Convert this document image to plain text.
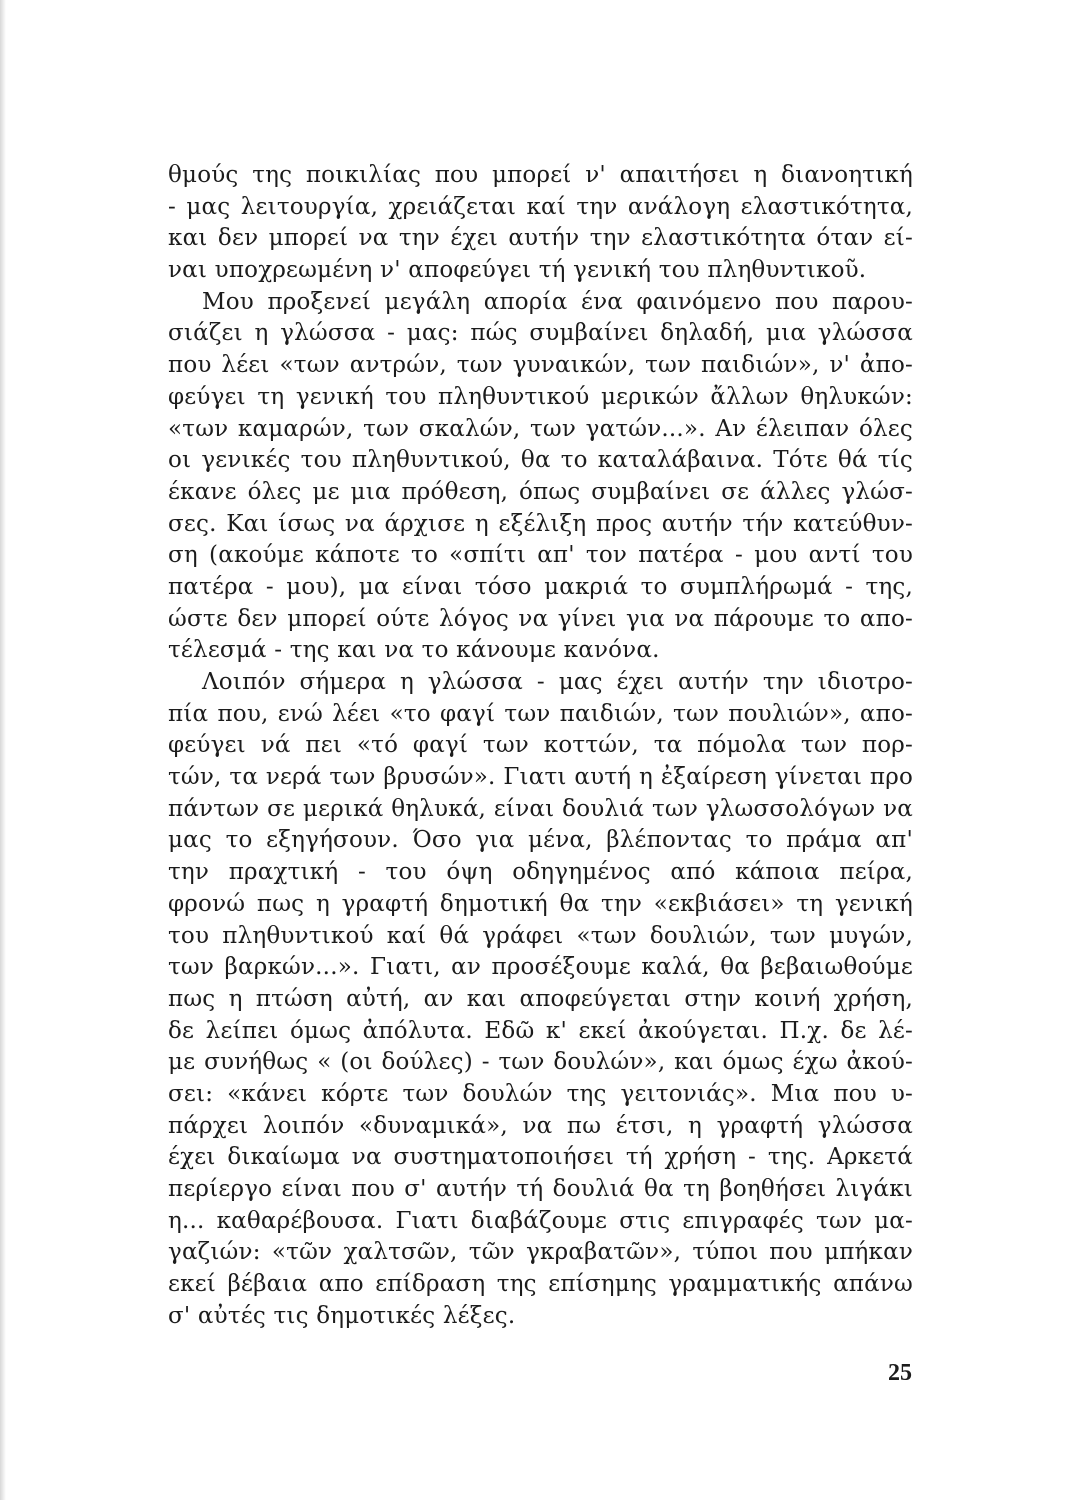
θμούς της ποικιλίας που μπορεί ν' απαιτήσει η διανοητική
- μας λειτουργία, χρειάζεται καί την ανάλογη ελαστικότητα,
και δεν μπορεί να την έχει αυτήν την ελαστικότητα όταν εί-
ναι υποχρεωμένη ν' αποφεύγει τή γενική του πληθυντικοῦ.
Μου προξενεί μεγάλη απορία ένα φαινόμενο που παρου-
σιάζει η γλώσσα - μας: πώς συμβαίνει δηλαδή, μια γλώσσα
που λέει «των αντρών, των γυναικών, των παιδιών», ν' ἀπο-
φεύγει τη γενική του πληθυντικού μερικών ἄλλων θηλυκών:
«των καμαρών, των σκαλών, των γατών...». Αν έλειπαν όλες
οι γενικές του πληθυντικού, θα το καταλάβαινα. Τότε θά τίς
έκανε όλες με μια πρόθεση, όπως συμβαίνει σε άλλες γλώσ-
σες. Και ίσως να άρχισε η εξέλιξη προς αυτήν τήν κατεύθυν-
ση (ακούμε κάποτε το «σπίτι απ' τον πατέρα - μου αντί του
πατέρα - μου), μα είναι τόσο μακριά το συμπλήρωμά - της,
ώστε δεν μπορεί ούτε λόγος να γίνει για να πάρουμε το απο-
τέλεσμά - της και να το κάνουμε κανόνα.
Λοιπόν σήμερα η γλώσσα - μας έχει αυτήν την ιδιοτρο-
πία που, ενώ λέει «το φαγί των παιδιών, των πουλιών», απο-
φεύγει νά πει «τό φαγί των κοττών, τα πόμολα των πορ-
τών, τα νερά των βρυσών». Γιατι αυτή η ἐξαίρεση γίνεται προ
πάντων σε μερικά θηλυκά, είναι δουλιά των γλωσσολόγων να
μας το εξηγήσουν. Όσο για μένα, βλέποντας το πράμα απ'
την πραχτική - του όψη οδηγημένος από κάποια πείρα,
φρονώ πως η γραφτή δημοτική θα την «εκβιάσει» τη γενική
του πληθυντικού καί θά γράφει «των δουλιών, των μυγών,
των βαρκών...». Γιατι, αν προσέξουμε καλά, θα βεβαιωθούμε
πως η πτώση αὐτή, αν και αποφεύγεται στην κοινή χρήση,
δε λείπει όμως ἀπόλυτα. Εδῶ κ' εκεί ἀκούγεται. Π.χ. δε λέ-
με συνήθως « (οι δούλες) - των δουλών», και όμως έχω ἀκού-
σει: «κάνει κόρτε των δουλών της γειτονιάς». Μια που υ-
πάρχει λοιπόν «δυναμικά», να πω έτσι, η γραφτή γλώσσα
έχει δικαίωμα να συστηματοποιήσει τή χρήση - της. Αρκετά
περίεργο είναι που σ' αυτήν τή δουλιά θα τη βοηθήσει λιγάκι
η... καθαρέβουσα. Γιατι διαβάζουμε στις επιγραφές των μα-
γαζιών: «τῶν χαλτσῶν, τῶν γκραβατῶν», τύποι που μπήκαν
εκεί βέβαια απο επίδραση της επίσημης γραμματικής απάνω
σ' αὐτές τις δημοτικές λέξες.
25
